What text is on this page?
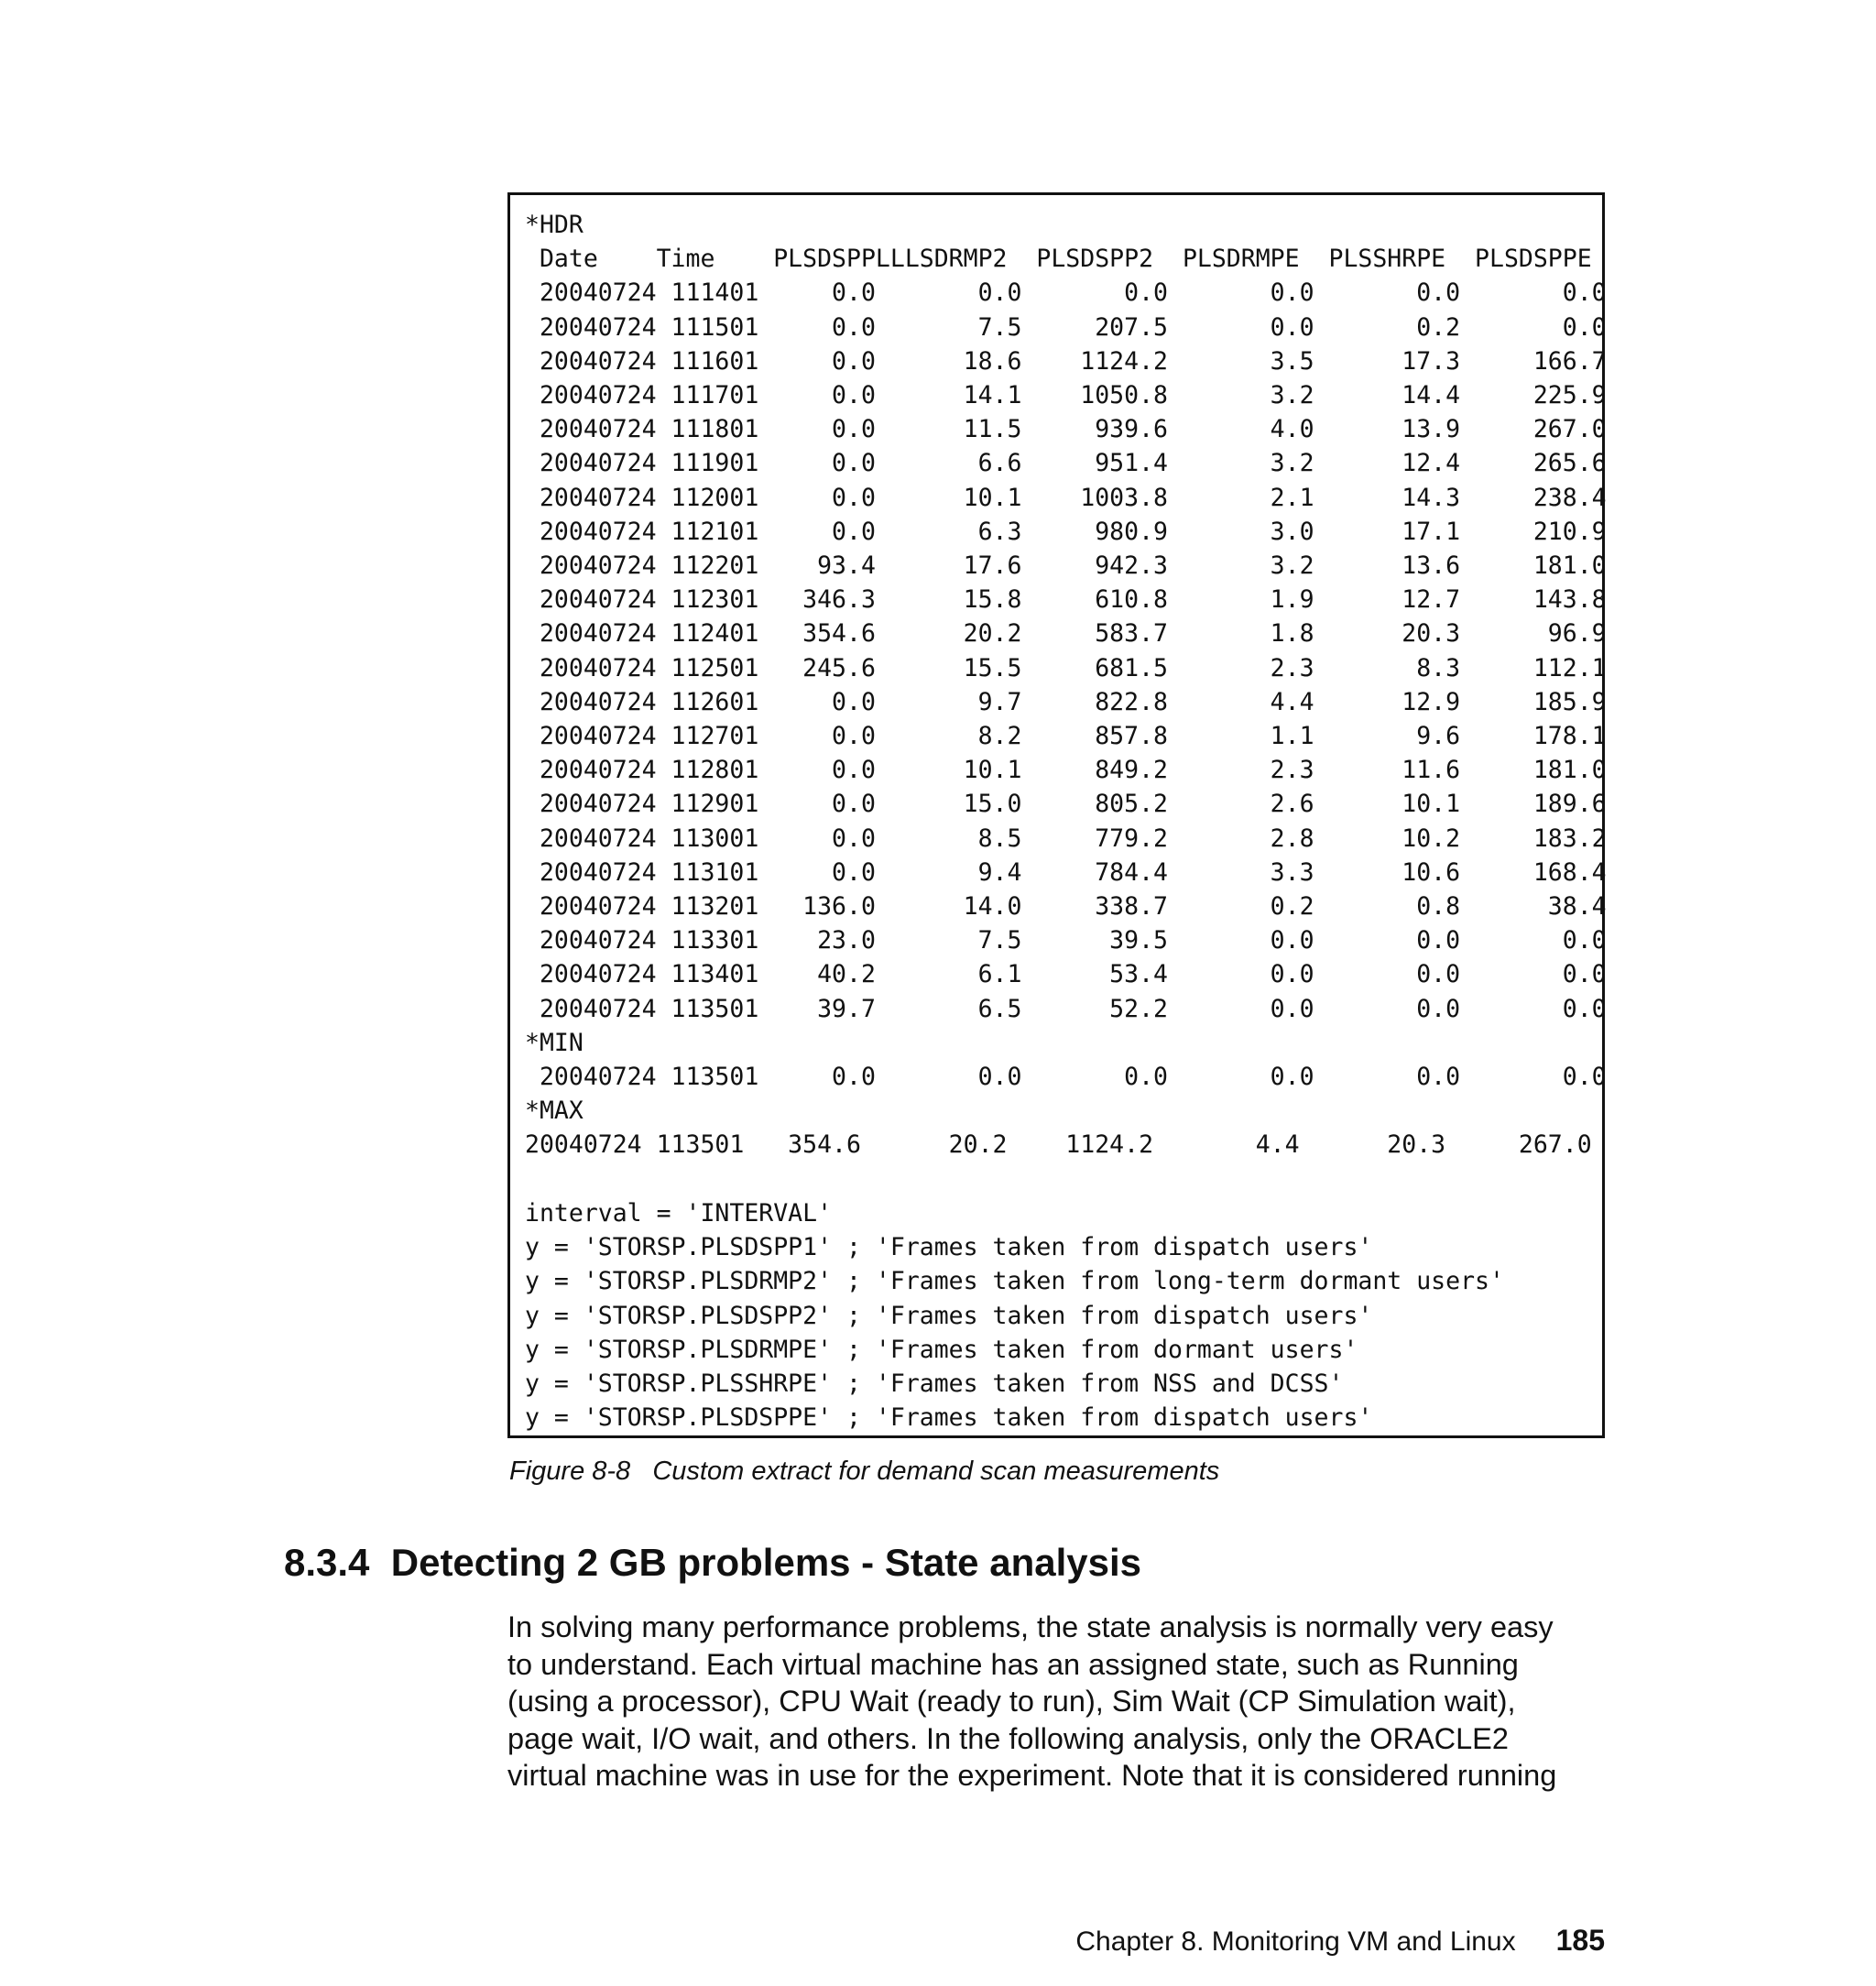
*HDR
Date    Time    PLSDSPPLLLSDRMP2  PLSDSPP2  PLSDRMPE  PLSSHRPE  PLSDSPPE
20040724 111401     0.0       0.0       0.0       0.0       0.0       0.0
20040724 111501     0.0       7.5     207.5       0.0       0.2       0.0
20040724 111601     0.0      18.6    1124.2       3.5      17.3     166.7
20040724 111701     0.0      14.1    1050.8       3.2      14.4     225.9
20040724 111801     0.0      11.5     939.6       4.0      13.9     267.0
20040724 111901     0.0       6.6     951.4       3.2      12.4     265.6
20040724 112001     0.0      10.1    1003.8       2.1      14.3     238.4
20040724 112101     0.0       6.3     980.9       3.0      17.1     210.9
20040724 112201    93.4      17.6     942.3       3.2      13.6     181.0
20040724 112301   346.3      15.8     610.8       1.9      12.7     143.8
20040724 112401   354.6      20.2     583.7       1.8      20.3      96.9
20040724 112501   245.6      15.5     681.5       2.3       8.3     112.1
20040724 112601     0.0       9.7     822.8       4.4      12.9     185.9
20040724 112701     0.0       8.2     857.8       1.1       9.6     178.1
20040724 112801     0.0      10.1     849.2       2.3      11.6     181.0
20040724 112901     0.0      15.0     805.2       2.6      10.1     189.6
20040724 113001     0.0       8.5     779.2       2.8      10.2     183.2
20040724 113101     0.0       9.4     784.4       3.3      10.6     168.4
20040724 113201   136.0      14.0     338.7       0.2       0.8      38.4
20040724 113301    23.0       7.5      39.5       0.0       0.0       0.0
20040724 113401    40.2       6.1      53.4       0.0       0.0       0.0
20040724 113501    39.7       6.5      52.2       0.0       0.0       0.0
*MIN
20040724 113501     0.0       0.0       0.0       0.0       0.0       0.0
*MAX
20040724 113501   354.6      20.2    1124.2       4.4      20.3     267.0

interval = 'INTERVAL'
y = 'STORSP.PLSDSPP1' ; 'Frames taken from dispatch users'
y = 'STORSP.PLSDRMP2' ; 'Frames taken from long-term dormant users'
y = 'STORSP.PLSDSPP2' ; 'Frames taken from dispatch users'
y = 'STORSP.PLSDRMPE' ; 'Frames taken from dormant users'
y = 'STORSP.PLSSHRPE' ; 'Frames taken from NSS and DCSS'
y = 'STORSP.PLSDSPPE' ; 'Frames taken from dispatch users'

Figure 8-8   Custom extract for demand scan measurements
8.3.4  Detecting 2 GB problems - State analysis
In solving many performance problems, the state analysis is normally very easy
to understand. Each virtual machine has an assigned state, such as Running
(using a processor), CPU Wait (ready to run), Sim Wait (CP Simulation wait),
page wait, I/O wait, and others. In the following analysis, only the ORACLE2
virtual machine was in use for the experiment. Note that it is considered running

Chapter 8. Monitoring VM and Linux 185
